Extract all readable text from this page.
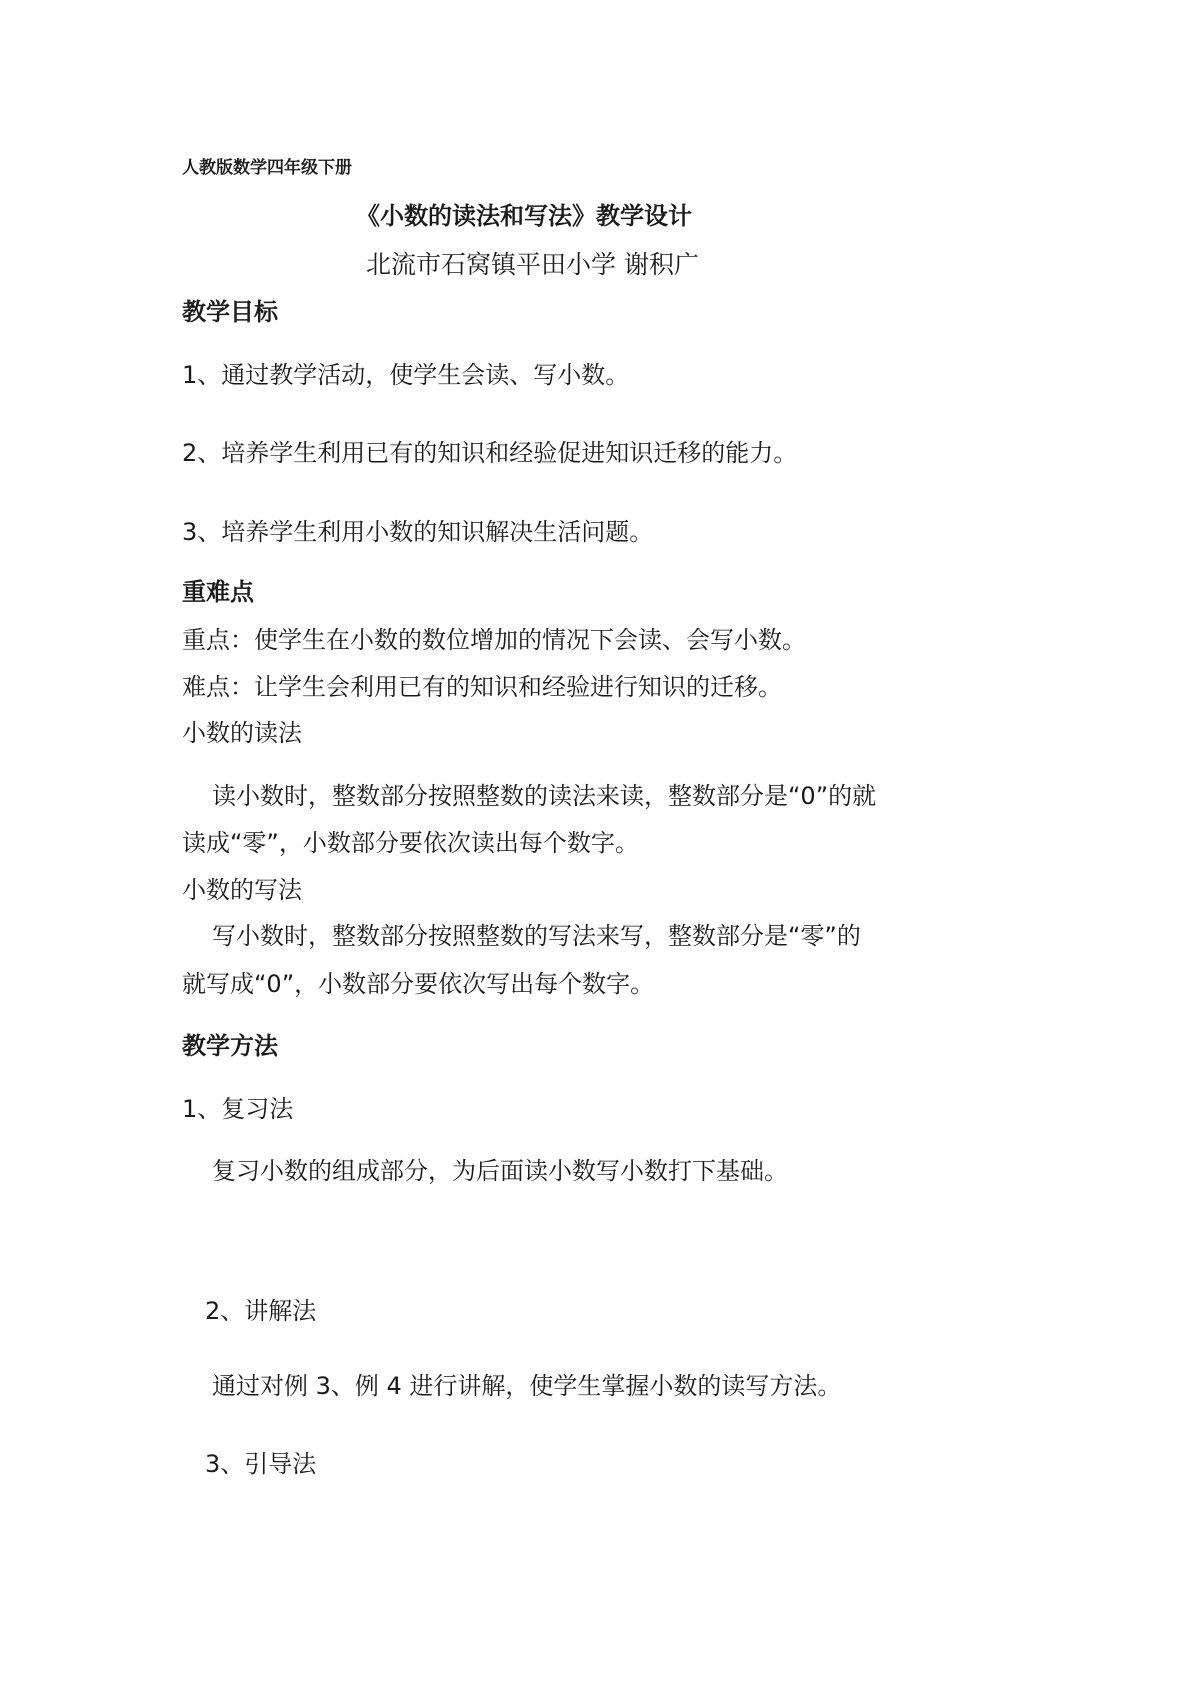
人教版数学四年级下册
《小数的读法和写法》教学设计
北流市石窝镇平田小学 谢积广
教学目标
1、通过教学活动，使学生会读、写小数。
2、培养学生利用已有的知识和经验促进知识迁移的能力。
3、培养学生利用小数的知识解决生活问题。
重难点
重点：使学生在小数的数位增加的情况下会读、会写小数。
难点：让学生会利用已有的知识和经验进行知识的迁移。
小数的读法
读小数时，整数部分按照整数的读法来读，整数部分是“0”的就
读成“零”，小数部分要依次读出每个数字。
小数的写法
写小数时，整数部分按照整数的写法来写，整数部分是“零”的
就写成“0”，小数部分要依次写出每个数字。
教学方法
1、复习法
复习小数的组成部分，为后面读小数写小数打下基础。
2、讲解法
通过对例 3、例 4 进行讲解，使学生掌握小数的读写方法。
3、引导法
